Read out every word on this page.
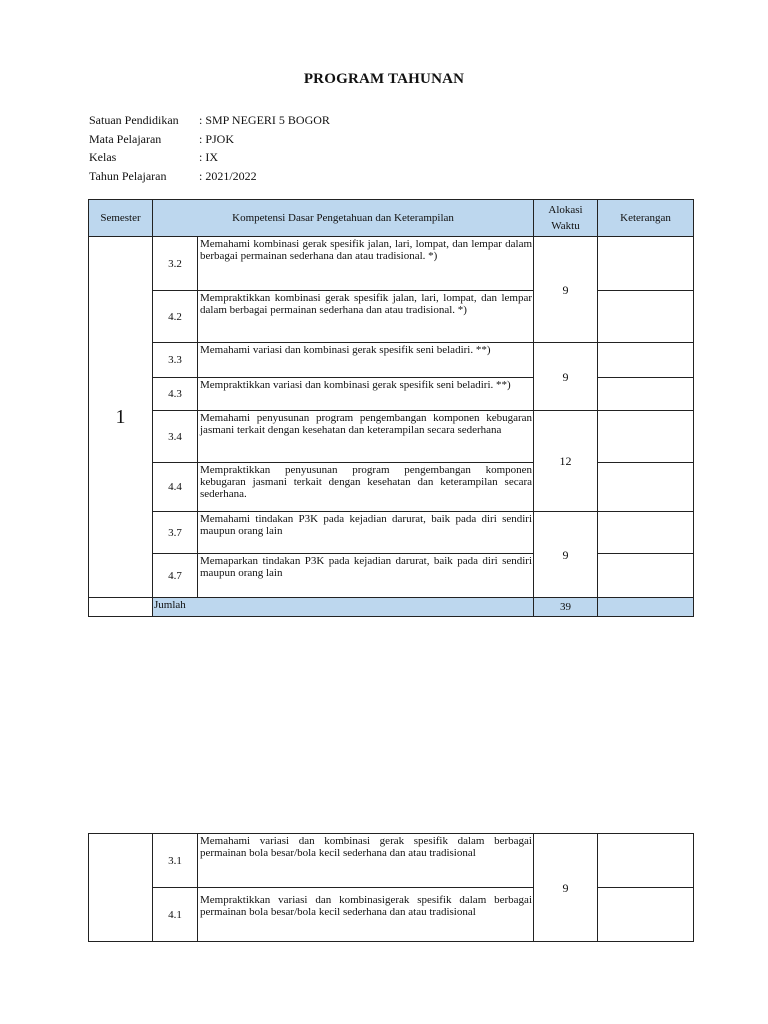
PROGRAM TAHUNAN
Satuan Pendidikan : SMP NEGERI 5 BOGOR
Mata Pelajaran	: PJOK
Kelas	: IX
Tahun Pelajaran	: 2021/2022
Semester	Kompetensi Dasar Pengetahuan dan Keterampilan		Alokasi Waktu	Keterangan
1	3.2	Memahami kombinasi gerak spesifik jalan, lari, lompat, dan lempar dalam berbagai permainan sederhana dan atau tradisional. *)	9	
	4.2	Mempraktikkan kombinasi gerak spesifik jalan, lari, lompat, dan lempar dalam berbagai permainan sederhana dan atau tradisional. *)		
	3.3	Memahami variasi dan kombinasi gerak spesifik seni beladiri. **)	9	
	4.3	Mempraktikkan variasi dan kombinasi gerak spesifik seni beladiri. **)		
	3.4	Memahami penyusunan program pengembangan komponen kebugaran jasmani terkait dengan kesehatan dan keterampilan secara sederhana	12	
	4.4	Mempraktikkan penyusunan program pengembangan komponen kebugaran jasmani terkait dengan kesehatan dan keterampilan secara sederhana.		
	3.7	Memahami tindakan P3K pada kejadian darurat, baik pada diri sendiri maupun orang lain	9	
	4.7	Memaparkan tindakan P3K pada kejadian darurat, baik pada diri sendiri maupun orang lain		
	Jumlah		39	
	3.1	Memahami variasi dan kombinasi gerak spesifik dalam berbagai permainan bola besar/bola kecil sederhana dan atau tradisional	9	
	4.1	Mempraktikkan variasi dan kombinasigerak spesifik dalam berbagai permainan bola besar/bola kecil sederhana dan atau tradisional		
